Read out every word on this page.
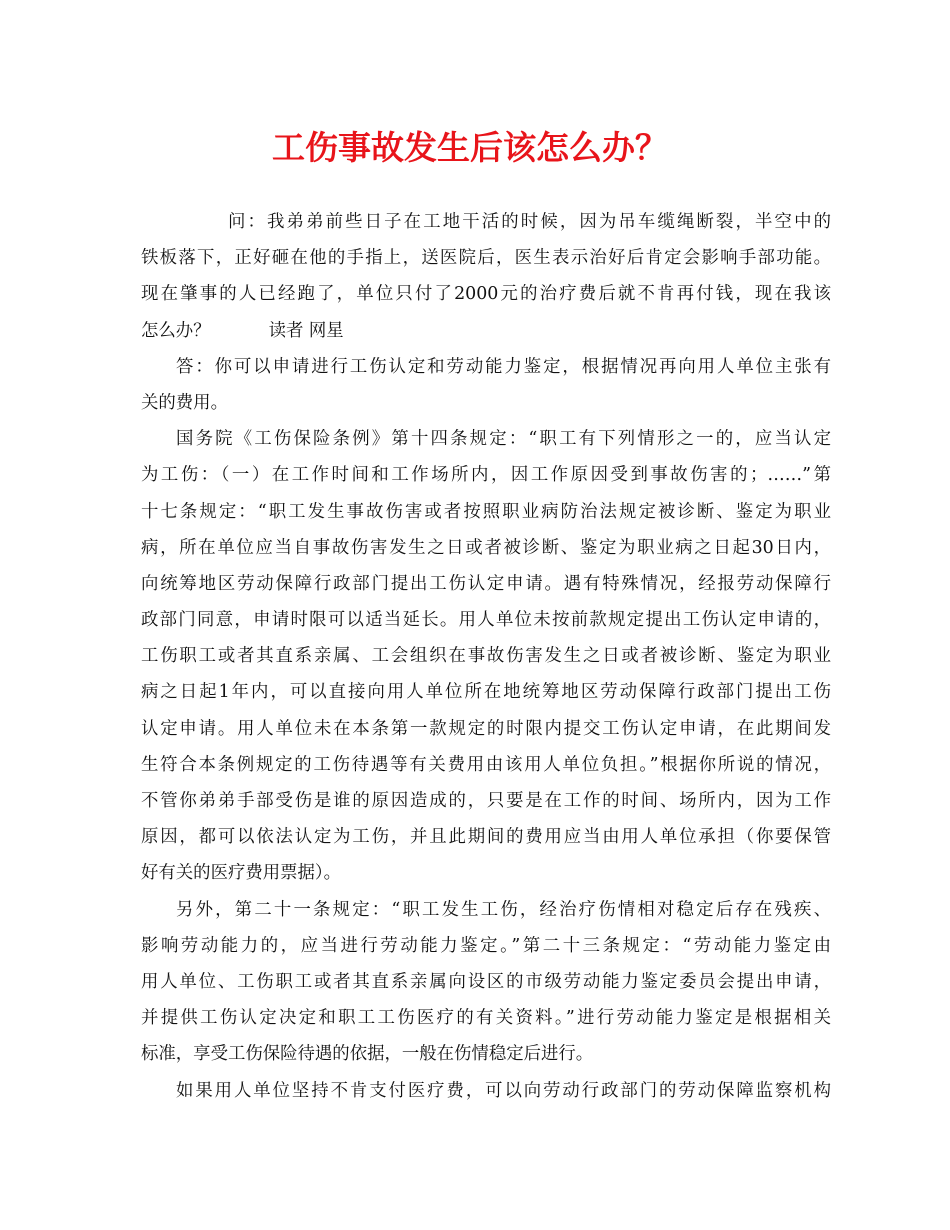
工伤事故发生后该怎么办？
问：我弟弟前些日子在工地干活的时候，因为吊车缆绳断裂，半空中的
铁板落下，正好砸在他的手指上，送医院后，医生表示治好后肯定会影响手部功能。
现在肇事的人已经跑了，单位只付了2000元的治疗费后就不肯再付钱，现在我该
怎么办？	读者 网星
答：你可以申请进行工伤认定和劳动能力鉴定，根据情况再向用人单位主张有
关的费用。
国务院《工伤保险条例》第十四条规定：“职工有下列情形之一的，应当认定
为工伤：（一）在工作时间和工作场所内，因工作原因受到事故伤害的；……”第
十七条规定：“职工发生事故伤害或者按照职业病防治法规定被诊断、鉴定为职业
病，所在单位应当自事故伤害发生之日或者被诊断、鉴定为职业病之日起30日内，
向统筹地区劳动保障行政部门提出工伤认定申请。遇有特殊情况，经报劳动保障行
政部门同意，申请时限可以适当延长。用人单位未按前款规定提出工伤认定申请的，
工伤职工或者其直系亲属、工会组织在事故伤害发生之日或者被诊断、鉴定为职业
病之日起1年内，可以直接向用人单位所在地统筹地区劳动保障行政部门提出工伤
认定申请。用人单位未在本条第一款规定的时限内提交工伤认定申请，在此期间发
生符合本条例规定的工伤待遇等有关费用由该用人单位负担。”根据你所说的情况，
不管你弟弟手部受伤是谁的原因造成的，只要是在工作的时间、场所内，因为工作
原因，都可以依法认定为工伤，并且此期间的费用应当由用人单位承担（你要保管
好有关的医疗费用票据）。
另外，第二十一条规定：“职工发生工伤，经治疗伤情相对稳定后存在残疾、
影响劳动能力的，应当进行劳动能力鉴定。”第二十三条规定：“劳动能力鉴定由
用人单位、工伤职工或者其直系亲属向设区的市级劳动能力鉴定委员会提出申请，
并提供工伤认定决定和职工工伤医疗的有关资料。”进行劳动能力鉴定是根据相关
标准，享受工伤保险待遇的依据，一般在伤情稳定后进行。
如果用人单位坚持不肯支付医疗费，可以向劳动行政部门的劳动保障监察机构
